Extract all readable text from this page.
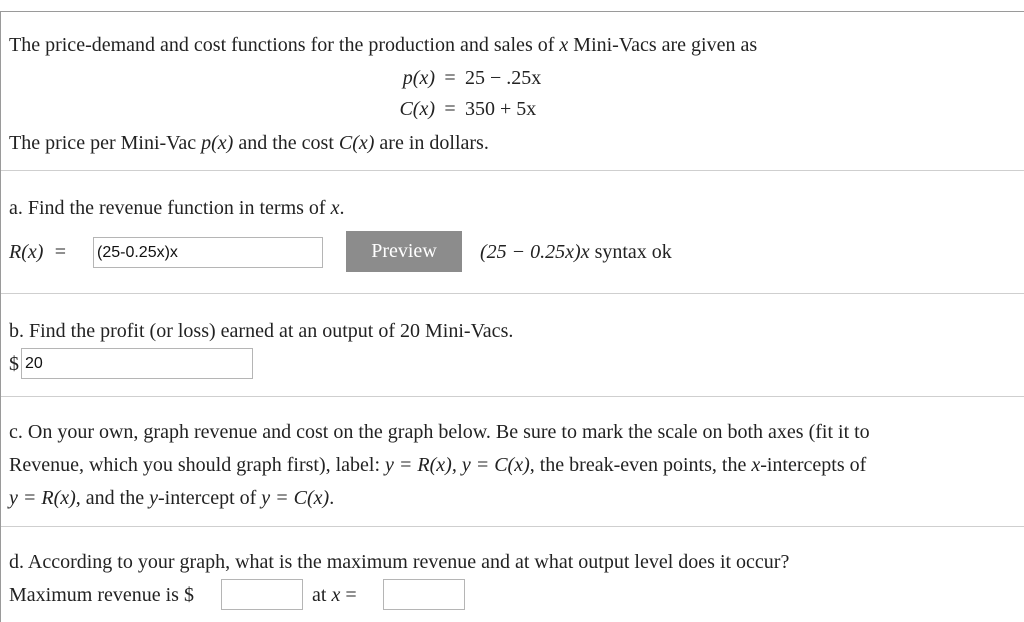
The price-demand and cost functions for the production and sales of x Mini-Vacs are given as
p(x) = 25 − .25x
C(x) = 350 + 5x
The price per Mini-Vac p(x) and the cost C(x) are in dollars.
a. Find the revenue function in terms of x.
R(x) =
(25-0.25x)x	Preview	(25 − 0.25x)x syntax ok
b. Find the profit (or loss) earned at an output of 20 Mini-Vacs.
$
20
c. On your own, graph revenue and cost on the graph below. Be sure to mark the scale on both axes (fit it to
Revenue, which you should graph first), label: y = R(x), y = C(x), the break-even points, the x-intercepts of
y = R(x), and the y-intercept of y = C(x).
d. According to your graph, what is the maximum revenue and at what output level does it occur?
Maximum revenue is $	at x =
